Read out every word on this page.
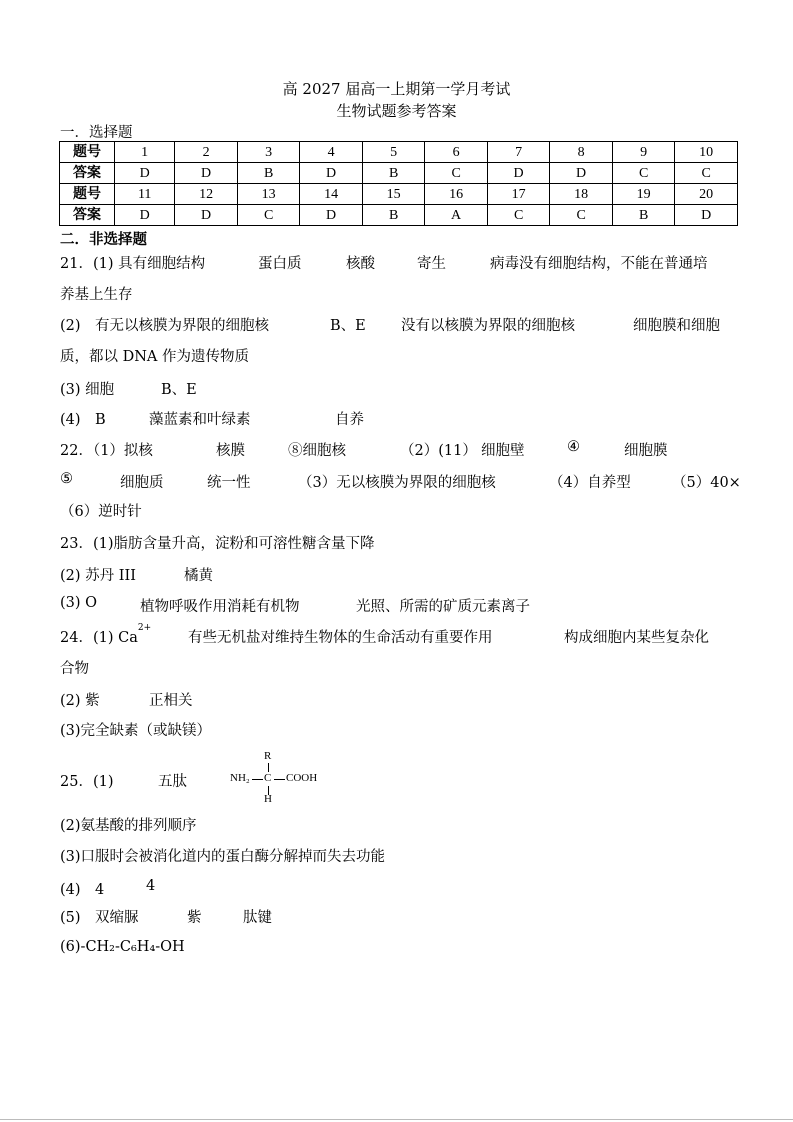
高 2027 届高一上期第一学月考试
生物试题参考答案
一．选择题
题号	1	2	3	4	5	6	7	8	9	10
答案	D	D	B	D	B	C	D	D	C	C
题号	11	12	13	14	15	16	17	18	19	20
答案	D	D	C	D	B	A	C	C	B	D
二．非选择题
21．(1) 具有细胞结构	蛋白质	核酸	寄生	病毒没有细胞结构，不能在普通培
养基上生存
(2)　有无以核膜为界限的细胞核	B、E 没有以核膜为界限的细胞核	细胞膜和细胞
质，都以 DNA 作为遗传物质
(3) 细胞	B、E
(4)　B	藻蓝素和叶绿素	自养
22．（1）拟核	核膜	⑧细胞核	（2）(11） 细胞壁	④	细胞膜
⑤	细胞质	统一性	（3）无以核膜为界限的细胞核	（4）自养型	（5）40×
（6）逆时针
23．(1)脂肪含量升高，淀粉和可溶性糖含量下降
(2) 苏丹 III	橘黄
(3) O	植物呼吸作用消耗有机物	光照、所需的矿质元素离子
24．(1) Ca2+
有些无机盐对维持生物体的生命活动有重要作用	构成细胞内某些复杂化
合物
(2) 紫	正相关
(3)完全缺素（或缺镁）
25．(1)	五肽
R
NH₂ C COOH
H
(2)氨基酸的排列顺序
(3)口服时会被消化道内的蛋白酶分解掉而失去功能
(4)　4	4
(5)　双缩脲	紫	肽键
(6)-CH₂-C₆H₄-OH
